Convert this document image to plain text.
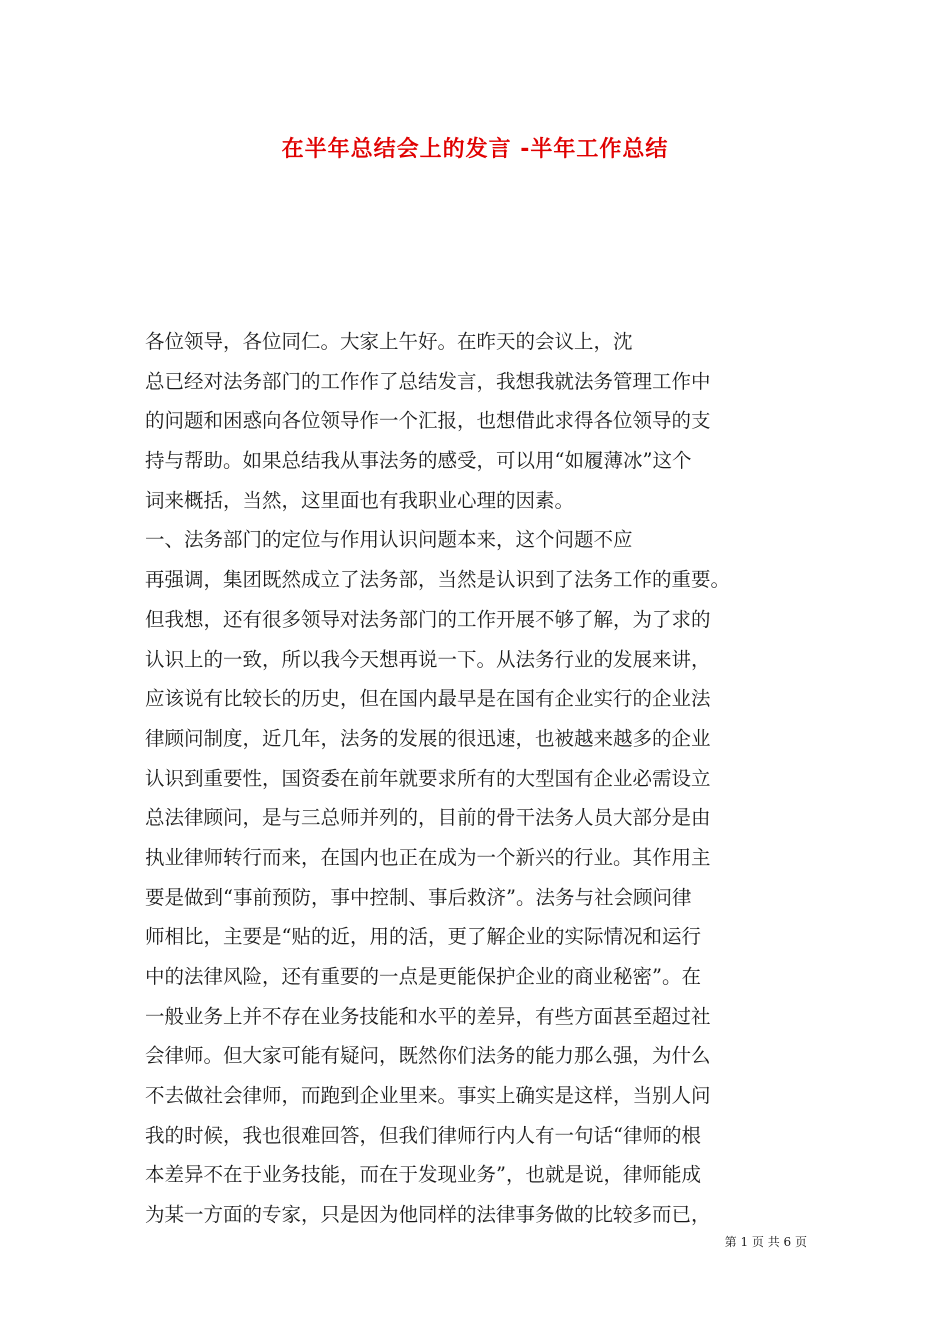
在半年总结会上的发言 -半年工作总结
各位领导，各位同仁。大家上午好。在昨天的会议上，沈
总已经对法务部门的工作作了总结发言，我想我就法务管理工作中
的问题和困惑向各位领导作一个汇报，也想借此求得各位领导的支
持与帮助。如果总结我从事法务的感受，可以用“如履薄冰”这个
词来概括，当然，这里面也有我职业心理的因素。
一、法务部门的定位与作用认识问题本来，这个问题不应
再强调，集团既然成立了法务部，当然是认识到了法务工作的重要。
但我想，还有很多领导对法务部门的工作开展不够了解，为了求的
认识上的一致，所以我今天想再说一下。从法务行业的发展来讲，
应该说有比较长的历史，但在国内最早是在国有企业实行的企业法
律顾问制度，近几年，法务的发展的很迅速，也被越来越多的企业
认识到重要性，国资委在前年就要求所有的大型国有企业必需设立
总法律顾问，是与三总师并列的，目前的骨干法务人员大部分是由
执业律师转行而来，在国内也正在成为一个新兴的行业。其作用主
要是做到“事前预防，事中控制、事后救济”。法务与社会顾问律
师相比，主要是“贴的近，用的活，更了解企业的实际情况和运行
中的法律风险，还有重要的一点是更能保护企业的商业秘密”。在
一般业务上并不存在业务技能和水平的差异，有些方面甚至超过社
会律师。但大家可能有疑问，既然你们法务的能力那么强，为什么
不去做社会律师，而跑到企业里来。事实上确实是这样，当别人问
我的时候，我也很难回答，但我们律师行内人有一句话“律师的根
本差异不在于业务技能，而在于发现业务”，也就是说，律师能成
为某一方面的专家，只是因为他同样的法律事务做的比较多而已，
第 1 页 共 6 页
